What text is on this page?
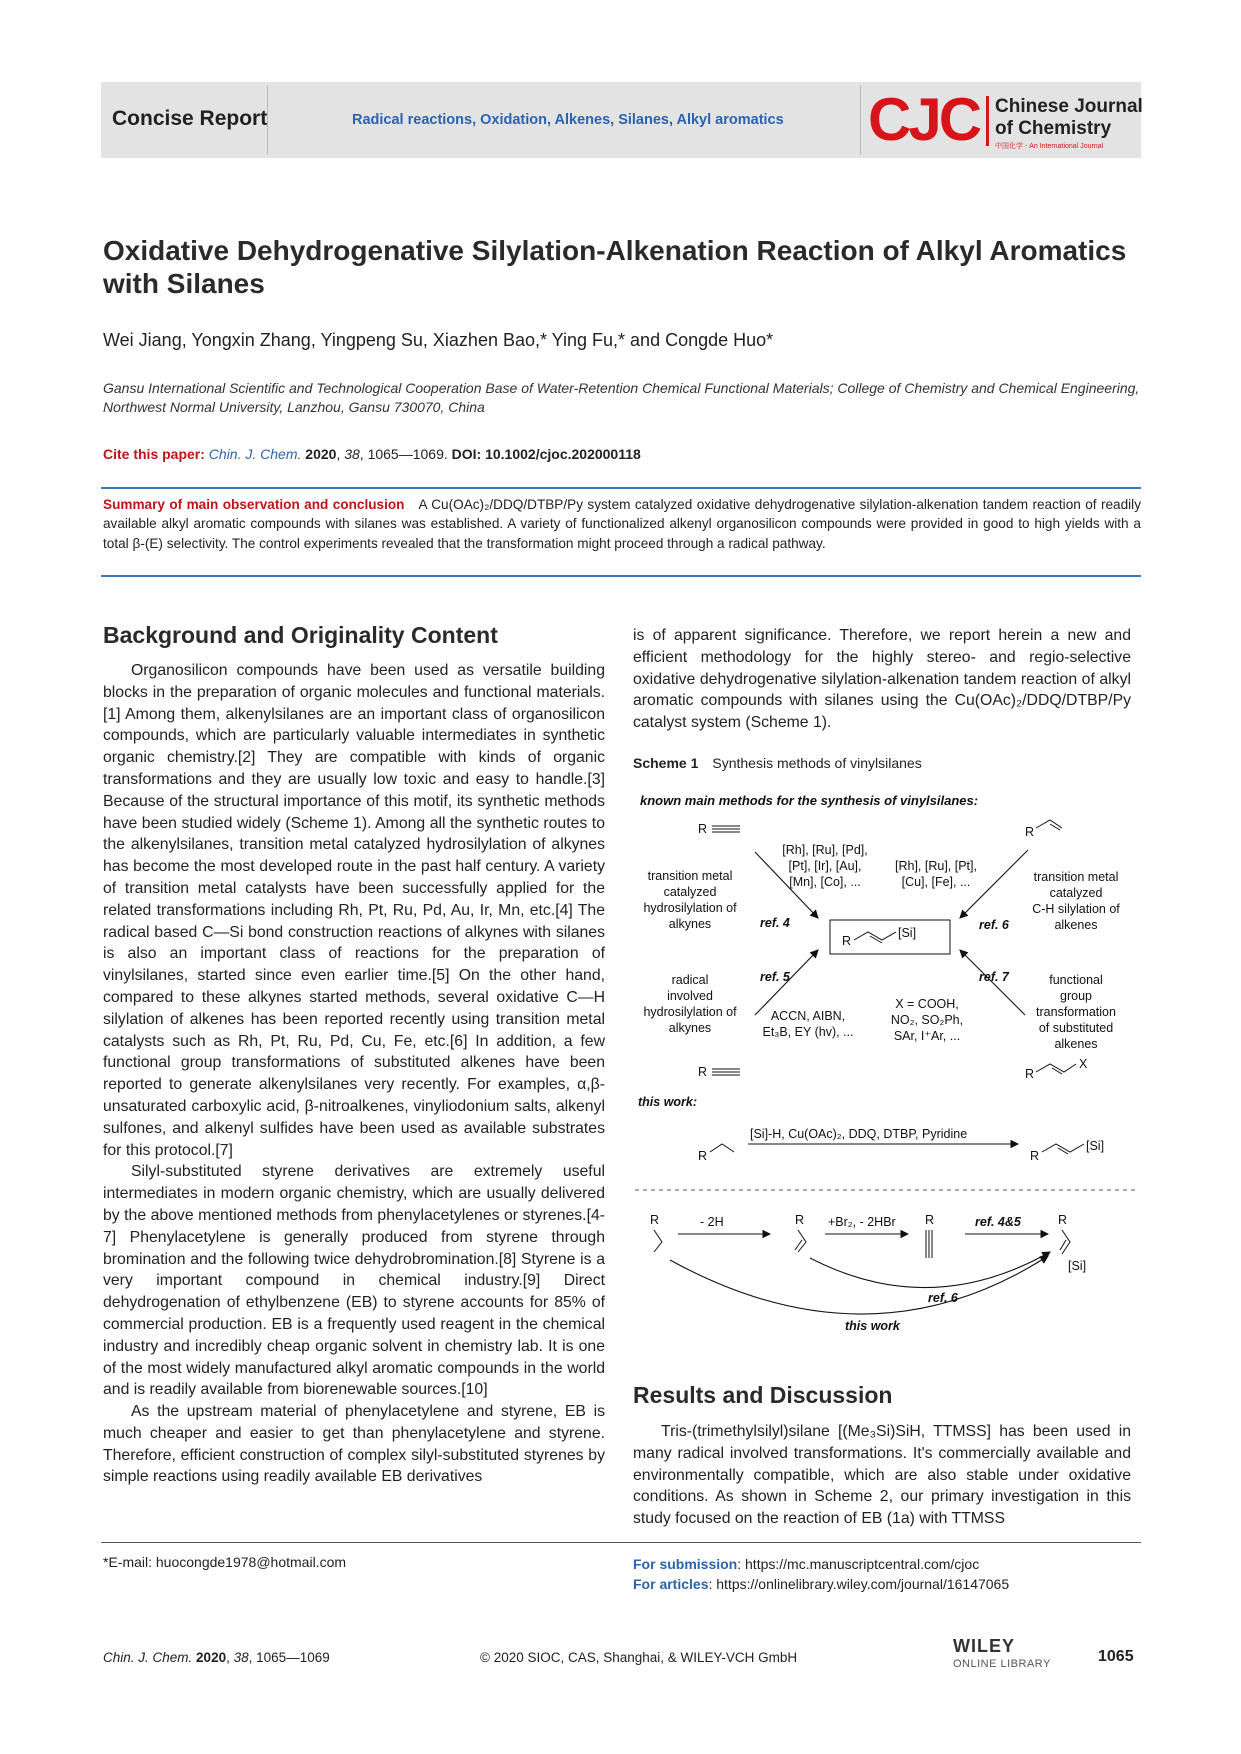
Concise Report	Radical reactions, Oxidation, Alkenes, Silanes, Alkyl aromatics CJC Chinese Journal
of Chemistry
中国化学 - An International Journal
Oxidative Dehydrogenative Silylation-Alkenation Reaction of Alkyl Aromatics with Silanes
Wei Jiang, Yongxin Zhang, Yingpeng Su, Xiazhen Bao,* Ying Fu,* and Congde Huo*
Gansu International Scientific and Technological Cooperation Base of Water-Retention Chemical Functional Materials; College of Chemistry and Chemical Engineering, Northwest Normal University, Lanzhou, Gansu 730070, China
Cite this paper: Chin. J. Chem. 2020, 38, 1065—1069. DOI: 10.1002/cjoc.202000118
Summary of main observation and conclusion A Cu(OAc)₂/DDQ/DTBP/Py system catalyzed oxidative dehydrogenative silylation-alkenation tandem reaction of readily available alkyl aromatic compounds with silanes was established. A variety of functionalized alkenyl organosilicon compounds were provided in good to high yields with a total β-(E) selectivity. The control experiments revealed that the transformation might proceed through a radical pathway.
Background and Originality Content

Organosilicon compounds have been used as versatile building blocks in the preparation of organic molecules and functional materials.[1] Among them, alkenylsilanes are an important class of organosilicon compounds, which are particularly valuable intermediates in synthetic organic chemistry.[2] They are compatible with kinds of organic transformations and they are usually low toxic and easy to handle.[3] Because of the structural importance of this motif, its synthetic methods have been studied widely (Scheme 1). Among all the synthetic routes to the alkenylsilanes, transition metal catalyzed hydrosilylation of alkynes has become the most developed route in the past half century. A variety of transition metal catalysts have been successfully applied for the related transformations including Rh, Pt, Ru, Pd, Au, Ir, Mn, etc.[4] The radical based C—Si bond construction reactions of alkynes with silanes is also an important class of reactions for the preparation of vinylsilanes, started since even earlier time.[5] On the other hand, compared to these alkynes started methods, several oxidative C—H silylation of alkenes has been reported recently using transition metal catalysts such as Rh, Pt, Ru, Pd, Cu, Fe, etc.[6] In addition, a few functional group transformations of substituted alkenes have been reported to generate alkenylsilanes very recently. For examples, α,β-unsaturated carboxylic acid, β-nitroalkenes, vinyliodonium salts, alkenyl sulfones, and alkenyl sulfides have been used as available substrates for this protocol.[7]

Silyl-substituted styrene derivatives are extremely useful intermediates in modern organic chemistry, which are usually delivered by the above mentioned methods from phenylacetylenes or styrenes.[4-7] Phenylacetylene is generally produced from styrene through bromination and the following twice dehydrobromination.[8] Styrene is a very important compound in chemical industry.[9] Direct dehydrogenation of ethylbenzene (EB) to styrene accounts for 85% of commercial production. EB is a frequently used reagent in the chemical industry and incredibly cheap organic solvent in chemistry lab. It is one of the most widely manufactured alkyl aromatic compounds in the world and is readily available from biorenewable sources.[10]

As the upstream material of phenylacetylene and styrene, EB is much cheaper and easier to get than phenylacetylene and styrene. Therefore, efficient construction of complex silyl-substituted styrenes by simple reactions using readily available EB derivatives

is of apparent significance. Therefore, we report herein a new and efficient methodology for the highly stereo- and regio-selective oxidative dehydrogenative silylation-alkenation tandem reaction of alkyl aromatic compounds with silanes using the Cu(OAc)₂/DDQ/DTBP/Py catalyst system (Scheme 1).

Scheme 1 Synthesis methods of vinylsilanes
known main methods for the synthesis of vinylsilanes:
R	R
transition metal
catalyzed
hydrosilylation of
alkynes
[Rh], [Ru], [Pd],
[Pt], [Ir], [Au],
[Mn], [Co], ...
[Rh], [Ru], [Pt],
[Cu], [Fe], ...	transition metal
catalyzed
C-H silylation of
alkenes
ref. 4	ref. 6
R
[Si]
radical
involved
hydrosilylation of
alkynes
ACCN, AIBN,
Et₃B, EY (hv), ...
X = COOH,
NO₂, SO₂Ph,
SAr, I⁺Ar, ...
functional
group
transformation
of substituted
alkenes
ref. 5	ref. 7
R	R
X
this work:
R
[Si]-H, Cu(OAc)₂, DDQ, DTBP, Pyridine
R
[Si]
R	- 2H	R +Br₂, - 2HBr R	ref. 4&5	R
[Si]
ref. 6
this work
Results and Discussion

Tris-(trimethylsilyl)silane [(Me₃Si)SiH, TTMSS] has been used in many radical involved transformations. It's commercially available and environmentally compatible, which are also stable under oxidative conditions. As shown in Scheme 2, our primary investigation in this study focused on the reaction of EB (1a) with TTMSS

*E-mail: huocongde1978@hotmail.com	For submission: https://mc.manuscriptcentral.com/cjoc
For articles: https://onlinelibrary.wiley.com/journal/16147065
Chin. J. Chem. 2020, 38, 1065—1069	© 2020 SIOC, CAS, Shanghai, & WILEY-VCH GmbH
WILEY
ONLINE LIBRARY	1065
